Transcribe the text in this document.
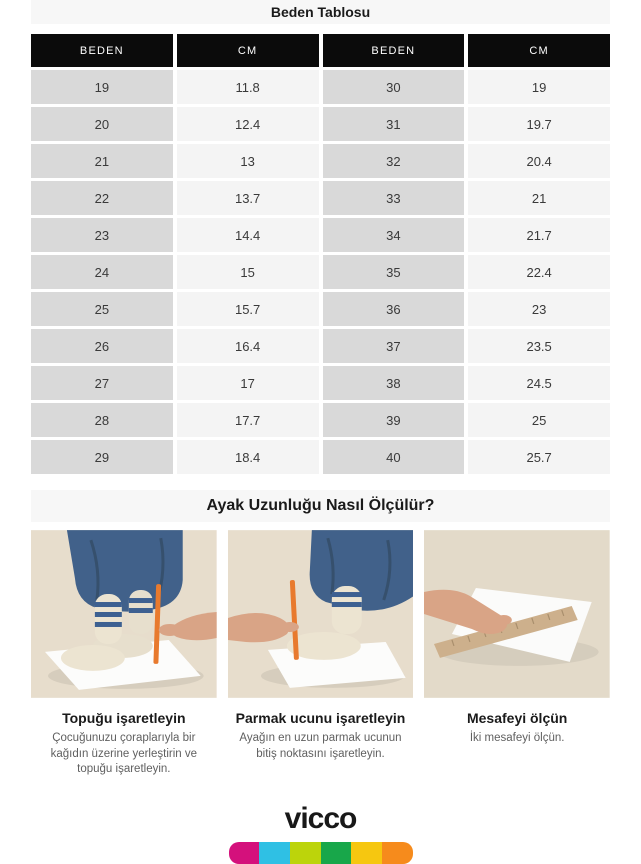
Beden Tablosu
BEDEN	CM	BEDEN	CM
19	11.8	30	19
20	12.4	31	19.7
21	13	32	20.4
22	13.7	33	21
23	14.4	34	21.7
24	15	35	22.4
25	15.7	36	23
26	16.4	37	23.5
27	17	38	24.5
28	17.7	39	25
29	18.4	40	25.7
Ayak Uzunluğu Nasıl Ölçülür?
Topuğu işaretleyin
Çocuğunuzu çoraplarıyla bir kağıdın üzerine yerleştirin ve topuğu işaretleyin.
Parmak ucunu işaretleyin
Ayağın en uzun parmak ucunun bitiş noktasını işaretleyin.
Mesafeyi ölçün
İki mesafeyi ölçün.
vicco
